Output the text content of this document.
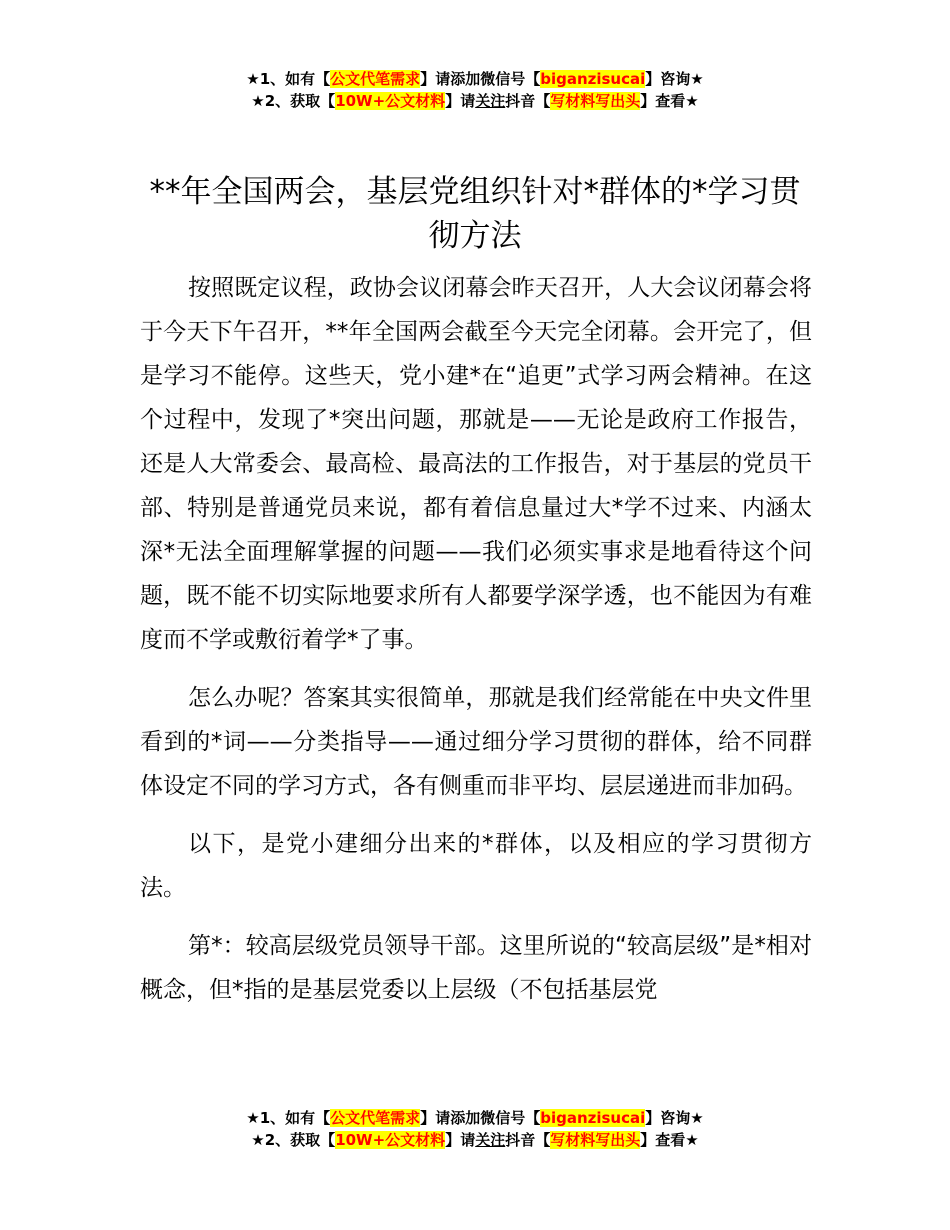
★1、如有【公文代笔需求】请添加微信号【biganzisucai】咨询★
★2、获取【10W+公文材料】请关注抖音【写材料写出头】查看★
**年全国两会，基层党组织针对*群体的*学习贯彻方法

按照既定议程，政协会议闭幕会昨天召开，人大会议闭幕会将于今天下午召开，**年全国两会截至今天完全闭幕。会开完了，但是学习不能停。这些天，党小建*在“追更”式学习两会精神。在这个过程中，发现了*突出问题，那就是——无论是政府工作报告，还是人大常委会、最高检、最高法的工作报告，对于基层的党员干部、特别是普通党员来说，都有着信息量过大*学不过来、内涵太深*无法全面理解掌握的问题——我们必须实事求是地看待这个问题，既不能不切实际地要求所有人都要学深学透，也不能因为有难度而不学或敷衍着学*了事。

怎么办呢？答案其实很简单，那就是我们经常能在中央文件里看到的*词——分类指导——通过细分学习贯彻的群体，给不同群体设定不同的学习方式，各有侧重而非平均、层层递进而非加码。

以下，是党小建细分出来的*群体，以及相应的学习贯彻方法。

第*：较高层级党员领导干部。这里所说的“较高层级”是*相对概念，但*指的是基层党委以上层级（不包括基层党

★1、如有【公文代笔需求】请添加微信号【biganzisucai】咨询★
★2、获取【10W+公文材料】请关注抖音【写材料写出头】查看★
